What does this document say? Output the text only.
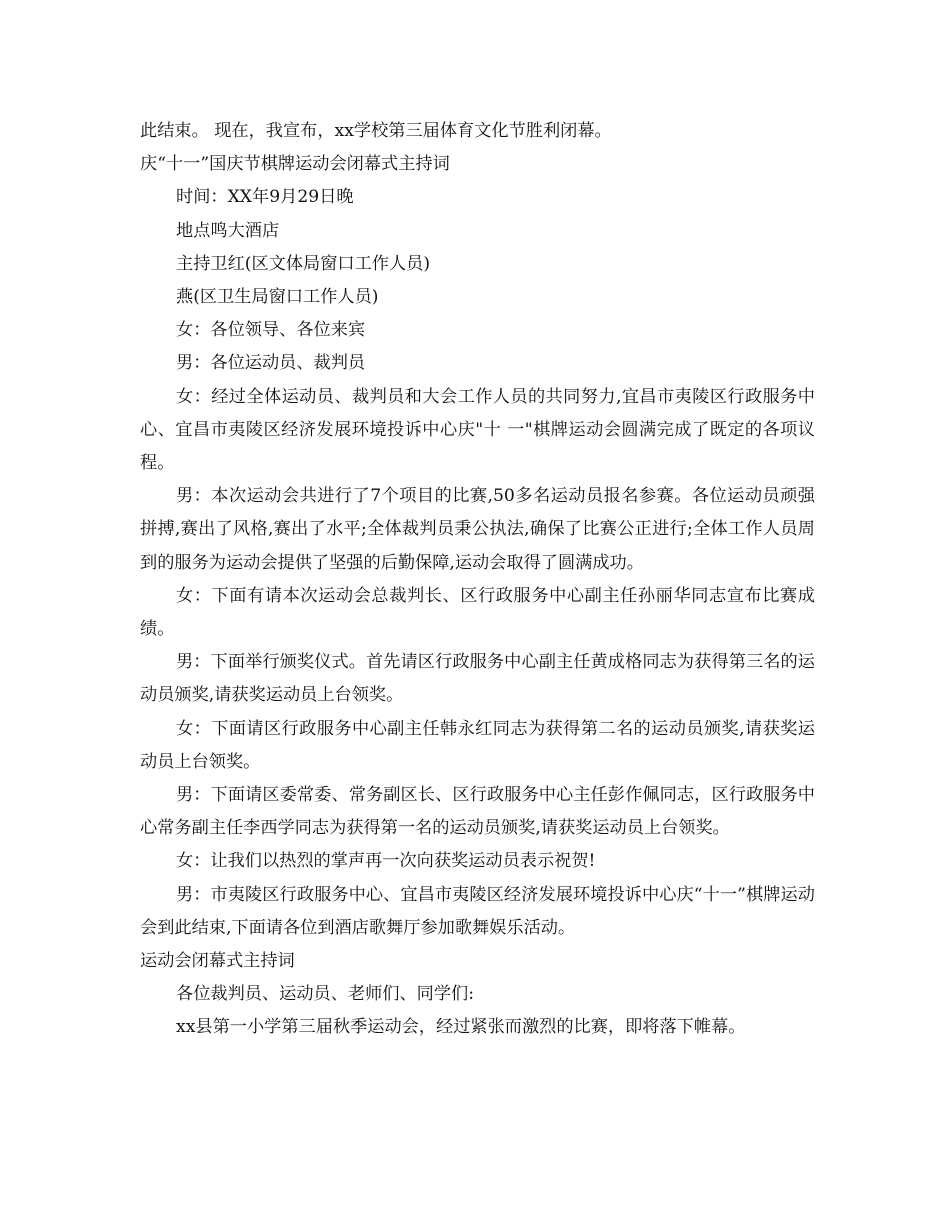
此结束。 现在，我宣布，xx学校第三届体育文化节胜利闭幕。

庆“十一”国庆节棋牌运动会闭幕式主持词

时间：XX年9月29日晚

地点鸣大酒店

主持卫红(区文体局窗口工作人员)

燕(区卫生局窗口工作人员)

女：各位领导、各位来宾

男：各位运动员、裁判员

女：经过全体运动员、裁判员和大会工作人员的共同努力,宜昌市夷陵区行政服务中心、宜昌市夷陵区经济发展环境投诉中心庆"十 一"棋牌运动会圆满完成了既定的各项议程。

男：本次运动会共进行了7个项目的比赛,50多名运动员报名参赛。各位运动员顽强拼搏,赛出了风格,赛出了水平;全体裁判员秉公执法,确保了比赛公正进行;全体工作人员周到的服务为运动会提供了坚强的后勤保障,运动会取得了圆满成功。

女：下面有请本次运动会总裁判长、区行政服务中心副主任孙丽华同志宣布比赛成绩。

男：下面举行颁奖仪式。首先请区行政服务中心副主任黄成格同志为获得第三名的运动员颁奖,请获奖运动员上台领奖。

女：下面请区行政服务中心副主任韩永红同志为获得第二名的运动员颁奖,请获奖运动员上台领奖。

男：下面请区委常委、常务副区长、区行政服务中心主任彭作佩同志，区行政服务中心常务副主任李西学同志为获得第一名的运动员颁奖,请获奖运动员上台领奖。

女：让我们以热烈的掌声再一次向获奖运动员表示祝贺!

男：市夷陵区行政服务中心、宜昌市夷陵区经济发展环境投诉中心庆“十一”棋牌运动会到此结束,下面请各位到酒店歌舞厅参加歌舞娱乐活动。

运动会闭幕式主持词

各位裁判员、运动员、老师们、同学们:

xx县第一小学第三届秋季运动会，经过紧张而激烈的比赛，即将落下帷幕。
